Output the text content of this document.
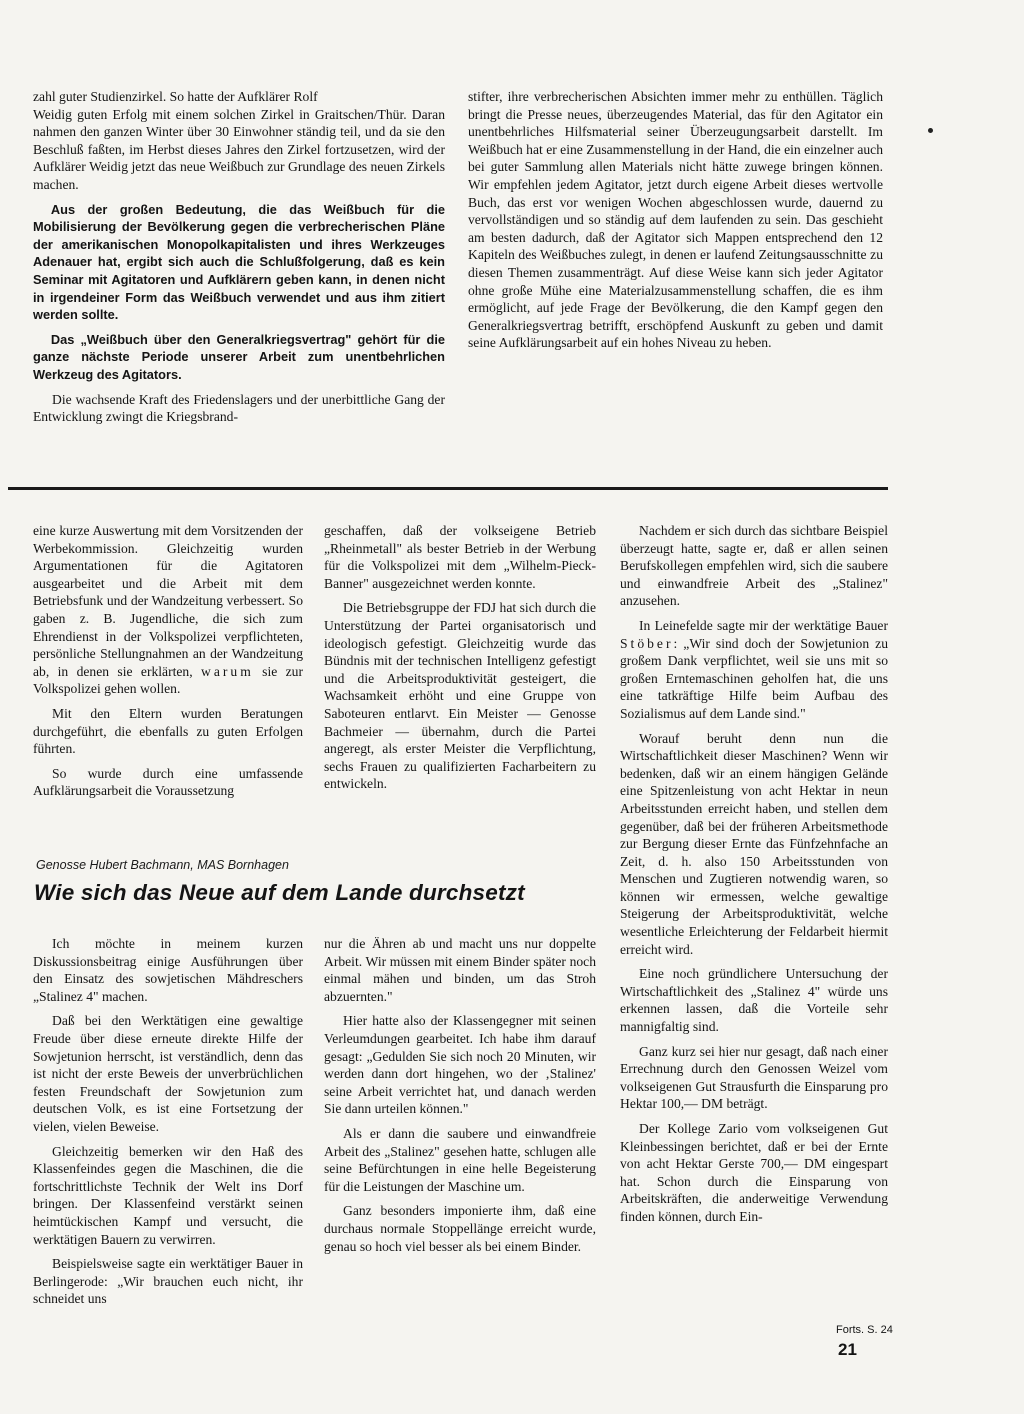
zahl guter Studienzirkel. So hatte der Aufklärer Rolf

Weidig guten Erfolg mit einem solchen Zirkel in Graitschen/Thür. Daran nahmen den ganzen Winter über 30 Einwohner ständig teil, und da sie den Beschluß faßten, im Herbst dieses Jahres den Zirkel fortzusetzen, wird der Aufklärer Weidig jetzt das neue Weißbuch zur Grundlage des neuen Zirkels machen.

Aus der großen Bedeutung, die das Weißbuch für die Mobilisierung der Bevölkerung gegen die verbrecherischen Pläne der amerikanischen Monopolkapitalisten und ihres Werkzeuges Adenauer hat, ergibt sich auch die Schlußfolgerung, daß es kein Seminar mit Agitatoren und Aufklärern geben kann, in denen nicht in irgendeiner Form das Weißbuch verwendet und aus ihm zitiert werden sollte.

Das „Weißbuch über den Generalkriegsvertrag" gehört für die ganze nächste Periode unserer Arbeit zum unentbehrlichen Werkzeug des Agitators.

Die wachsende Kraft des Friedenslagers und der unerbittliche Gang der Entwicklung zwingt die Kriegsbrand-

stifter, ihre verbrecherischen Absichten immer mehr zu enthüllen. Täglich bringt die Presse neues, überzeugendes Material, das für den Agitator ein unentbehrliches Hilfsmaterial seiner Überzeugungsarbeit darstellt. Im Weißbuch hat er eine Zusammenstellung in der Hand, die ein einzelner auch bei guter Sammlung allen Materials nicht hätte zuwege bringen können. Wir empfehlen jedem Agitator, jetzt durch eigene Arbeit dieses wertvolle Buch, das erst vor wenigen Wochen abgeschlossen wurde, dauernd zu vervollständigen und so ständig auf dem laufenden zu sein. Das geschieht am besten dadurch, daß der Agitator sich Mappen entsprechend den 12 Kapiteln des Weißbuches zulegt, in denen er laufend Zeitungsausschnitte zu diesen Themen zusammenträgt. Auf diese Weise kann sich jeder Agitator ohne große Mühe eine Materialzusammenstellung schaffen, die es ihm ermöglicht, auf jede Frage der Bevölkerung, die den Kampf gegen den Generalkriegsvertrag betrifft, erschöpfend Auskunft zu geben und damit seine Aufklärungsarbeit auf ein hohes Niveau zu heben.

eine kurze Auswertung mit dem Vorsitzenden der Werbekommission. Gleichzeitig wurden Argumentationen für die Agitatoren ausgearbeitet und die Arbeit mit dem Betriebsfunk und der Wandzeitung verbessert. So gaben z. B. Jugendliche, die sich zum Ehrendienst in der Volkspolizei verpflichteten, persönliche Stellungnahmen an der Wandzeitung ab, in denen sie erklärten, warum sie zur Volkspolizei gehen wollen.

Mit den Eltern wurden Beratungen durchgeführt, die ebenfalls zu guten Erfolgen führten.

So wurde durch eine umfassende Aufklärungsarbeit die Voraussetzung

geschaffen, daß der volkseigene Betrieb „Rheinmetall" als bester Betrieb in der Werbung für die Volkspolizei mit dem „Wilhelm-Pieck-Banner" ausgezeichnet werden konnte.

Die Betriebsgruppe der FDJ hat sich durch die Unterstützung der Partei organisatorisch und ideologisch gefestigt. Gleichzeitig wurde das Bündnis mit der technischen Intelligenz gefestigt und die Arbeitsproduktivität gesteigert, die Wachsamkeit erhöht und eine Gruppe von Saboteuren entlarvt. Ein Meister — Genosse Bachmeier — übernahm, durch die Partei angeregt, als erster Meister die Verpflichtung, sechs Frauen zu qualifizierten Facharbeitern zu entwickeln.

Nachdem er sich durch das sichtbare Beispiel überzeugt hatte, sagte er, daß er allen seinen Berufskollegen empfehlen wird, sich die saubere und einwandfreie Arbeit des „Stalinez" anzusehen.

In Leinefelde sagte mir der werktätige Bauer Stöber: „Wir sind doch der Sowjetunion zu großem Dank verpflichtet, weil sie uns mit so großen Erntemaschinen geholfen hat, die uns eine tatkräftige Hilfe beim Aufbau des Sozialismus auf dem Lande sind."

Worauf beruht denn nun die Wirtschaftlichkeit dieser Maschinen? Wenn wir bedenken, daß wir an einem hängigen Gelände eine Spitzenleistung von acht Hektar in neun Arbeitsstunden erreicht haben, und stellen dem gegenüber, daß bei der früheren Arbeitsmethode zur Bergung dieser Ernte das Fünfzehnfache an Zeit, d. h. also 150 Arbeitsstunden von Menschen und Zugtieren notwendig waren, so können wir ermessen, welche gewaltige Steigerung der Arbeitsproduktivität, welche wesentliche Erleichterung der Feldarbeit hiermit erreicht wird.

Eine noch gründlichere Untersuchung der Wirtschaftlichkeit des „Stalinez 4" würde uns erkennen lassen, daß die Vorteile sehr mannigfaltig sind.

Ganz kurz sei hier nur gesagt, daß nach einer Errechnung durch den Genossen Weizel vom volkseigenen Gut Strausfurth die Einsparung pro Hektar 100,— DM beträgt.

Der Kollege Zario vom volkseigenen Gut Kleinbessingen berichtet, daß er bei der Ernte von acht Hektar Gerste 700,— DM eingespart hat. Schon durch die Einsparung von Arbeitskräften, die anderweitige Verwendung finden können, durch Ein-

Genosse Hubert Bachmann, MAS Bornhagen
Wie sich das Neue auf dem Lande durchsetzt

Ich möchte in meinem kurzen Diskussionsbeitrag einige Ausführungen über den Einsatz des sowjetischen Mähdreschers „Stalinez 4" machen.

Daß bei den Werktätigen eine gewaltige Freude über diese erneute direkte Hilfe der Sowjetunion herrscht, ist verständlich, denn das ist nicht der erste Beweis der unverbrüchlichen festen Freundschaft der Sowjetunion zum deutschen Volk, es ist eine Fortsetzung der vielen, vielen Beweise.

Gleichzeitig bemerken wir den Haß des Klassenfeindes gegen die Maschinen, die die fortschrittlichste Technik der Welt ins Dorf bringen. Der Klassenfeind verstärkt seinen heimtückischen Kampf und versucht, die werktätigen Bauern zu verwirren.

Beispielsweise sagte ein werktätiger Bauer in Berlingerode: „Wir brauchen euch nicht, ihr schneidet uns

nur die Ähren ab und macht uns nur doppelte Arbeit. Wir müssen mit einem Binder später noch einmal mähen und binden, um das Stroh abzuernten."

Hier hatte also der Klassengegner mit seinen Verleumdungen gearbeitet. Ich habe ihm darauf gesagt: „Gedulden Sie sich noch 20 Minuten, wir werden dann dort hingehen, wo der ‚Stalinez' seine Arbeit verrichtet hat, und danach werden Sie dann urteilen können."

Als er dann die saubere und einwandfreie Arbeit des „Stalinez" gesehen hatte, schlugen alle seine Befürchtungen in eine helle Begeisterung für die Leistungen der Maschine um.

Ganz besonders imponierte ihm, daß eine durchaus normale Stoppellänge erreicht wurde, genau so hoch viel besser als bei einem Binder.

Forts. S. 24
21
